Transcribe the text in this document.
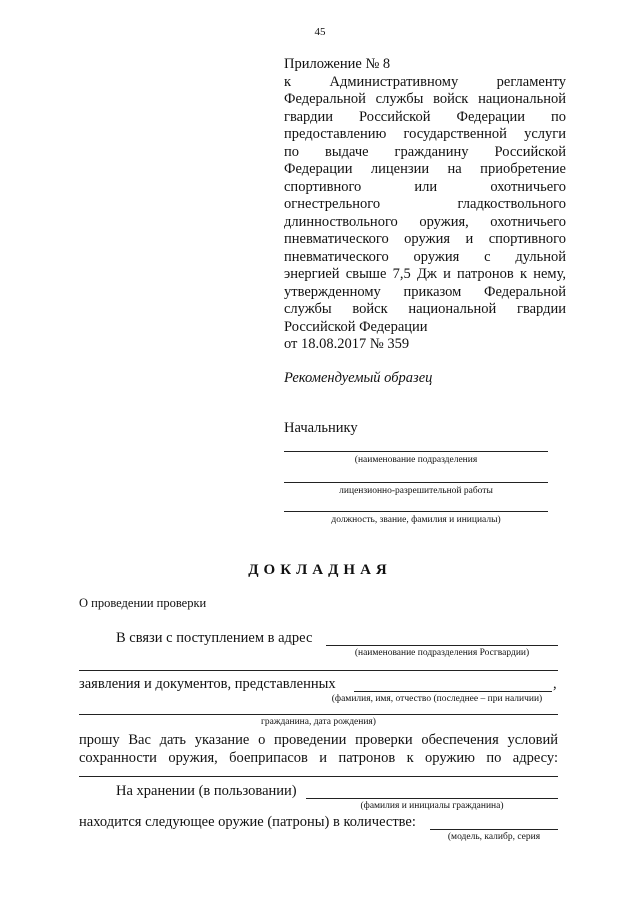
45
Приложение № 8
к Административному регламенту
Федеральной службы войск национальной
гвардии Российской Федерации по
предоставлению государственной услуги
по выдаче гражданину Российской
Федерации лицензии на приобретение
спортивного или охотничьего
огнестрельного гладкоствольного
длинноствольного оружия, охотничьего
пневматического оружия и спортивного
пневматического оружия с дульной
энергией свыше 7,5 Дж и патронов к нему,
утвержденному приказом Федеральной
службы войск национальной гвардии
Российской Федерации
от 18.08.2017 № 359
Рекомендуемый образец
Начальнику
(наименование подразделения
лицензионно-разрешительной работы
должность, звание, фамилия и инициалы)
ДОКЛАДНАЯ
О проведении проверки
В связи с поступлением в адрес
(наименование подразделения Росгвардии)
заявления и документов, представленных	,
(фамилия, имя, отчество (последнее – при наличии)
гражданина, дата рождения)
прошу Вас дать указание о проведении проверки обеспечения условий
сохранности оружия, боеприпасов и патронов к оружию по адресу:
На хранении (в пользовании)
(фамилия и инициалы гражданина)
находится следующее оружие (патроны) в количестве:
(модель, калибр, серия
